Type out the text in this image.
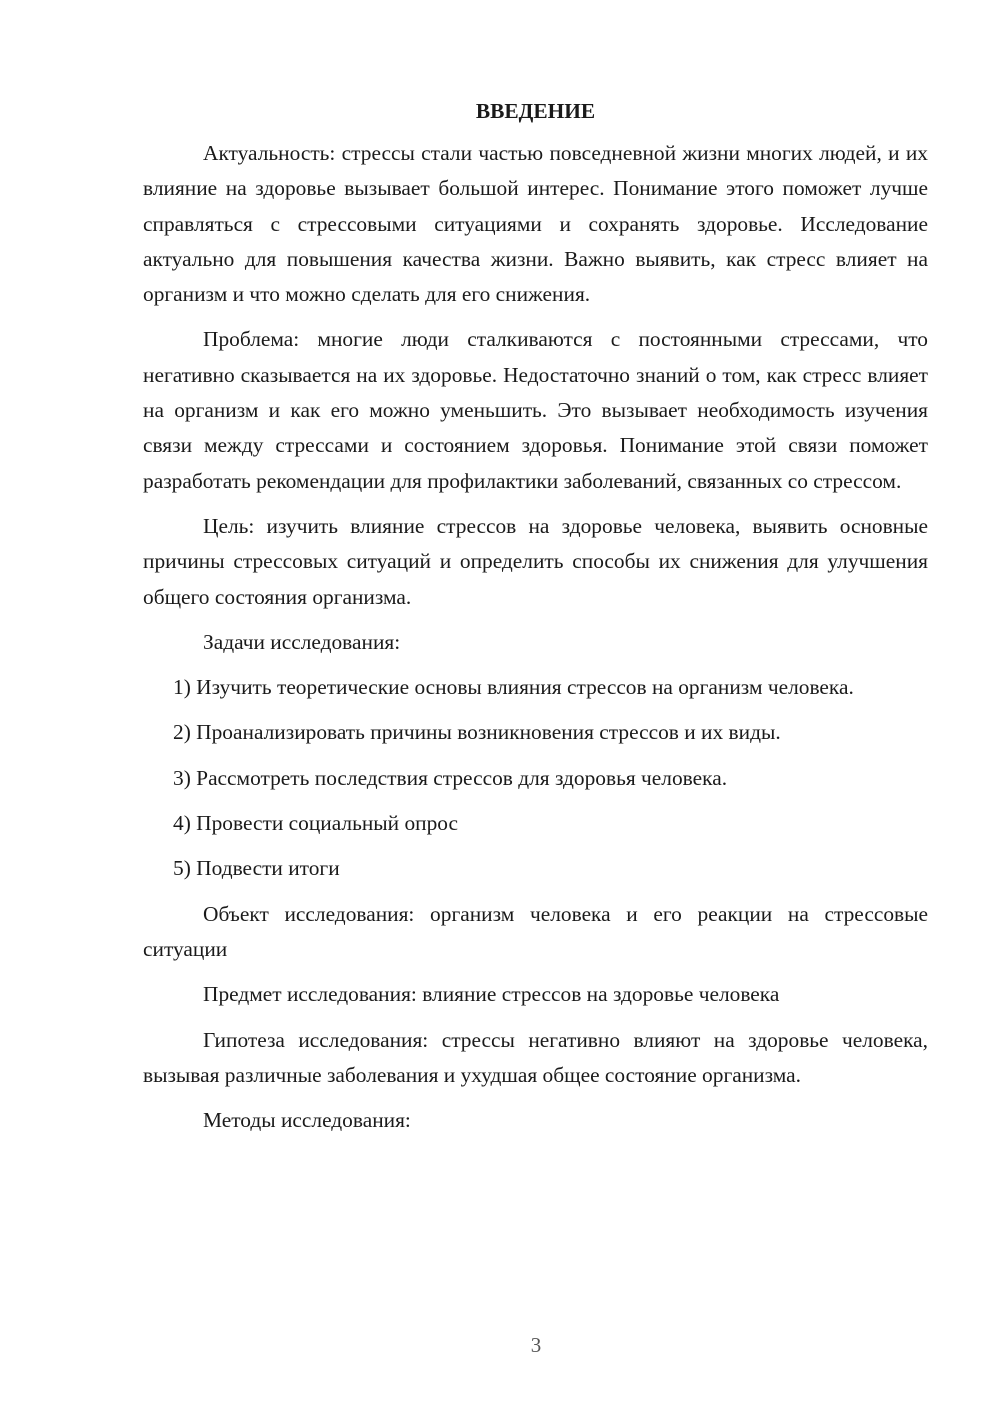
ВВЕДЕНИЕ

Актуальность: стрессы стали частью повседневной жизни многих людей, и их влияние на здоровье вызывает большой интерес. Понимание этого поможет лучше справляться с стрессовыми ситуациями и сохранять здоровье. Исследование актуально для повышения качества жизни. Важно выявить, как стресс влияет на организм и что можно сделать для его снижения.

Проблема: многие люди сталкиваются с постоянными стрессами, что негативно сказывается на их здоровье. Недостаточно знаний о том, как стресс влияет на организм и как его можно уменьшить. Это вызывает необходимость изучения связи между стрессами и состоянием здоровья. Понимание этой связи поможет разработать рекомендации для профилактики заболеваний, связанных со стрессом.

Цель: изучить влияние стрессов на здоровье человека, выявить основные причины стрессовых ситуаций и определить способы их снижения для улучшения общего состояния организма.

Задачи исследования:

1) Изучить теоретические основы влияния стрессов на организм человека.

2) Проанализировать причины возникновения стрессов и их виды.

3) Рассмотреть последствия стрессов для здоровья человека.

4) Провести социальный опрос

5) Подвести итоги

Объект исследования: организм человека и его реакции на стрессовые ситуации

Предмет исследования: влияние стрессов на здоровье человека

Гипотеза исследования: стрессы негативно влияют на здоровье человека, вызывая различные заболевания и ухудшая общее состояние организма.

Методы исследования:

3
